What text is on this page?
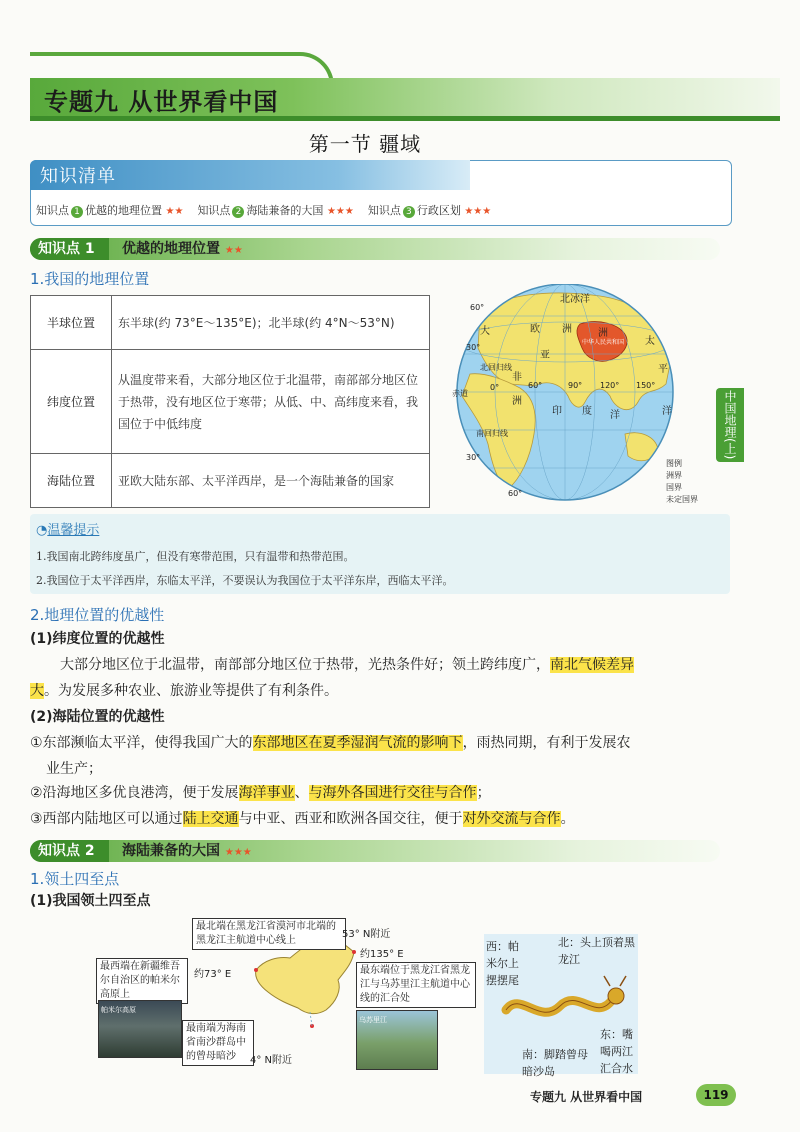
专题九 从世界看中国
第一节 疆域
知识清单
知识点 1 优越的地理位置 ★★ 知识点 2 海陆兼备的大国 ★★★ 知识点 3 行政区划 ★★★
知识点 1	优越的地理位置 ★★
1.我国的地理位置
半球位置	东半球(约 73°E～135°E)；北半球(约 4°N～53°N)
纬度位置	从温度带来看，大部分地区位于北温带，南部部分地区位于热带，没有地区位于寒带；从低、中、高纬度来看，我国位于中低纬度
海陆位置	亚欧大陆东部、太平洋西岸，是一个海陆兼备的国家
北冰洋
大	欧 洲	洲
亚
太
平
洋
非
洲
印 度 洋
北回归线
赤道
南回归线
中华人民共和国
60°
30°
0°
30°
60°
60°	90° 120° 150°
图例
洲界
国界
未定国界
中国地理(上)
◔温馨提示
1.我国南北跨纬度虽广，但没有寒带范围，只有温带和热带范围。
2.我国位于太平洋西岸，东临太平洋，不要误认为我国位于太平洋东岸，西临太平洋。
2.地理位置的优越性
(1)纬度位置的优越性
大部分地区位于北温带，南部部分地区位于热带，光热条件好；领土跨纬度广，南北气候差异
大。为发展多种农业、旅游业等提供了有利条件。
(2)海陆位置的优越性
①东部濒临太平洋，使得我国广大的东部地区在夏季湿润气流的影响下，雨热同期，有利于发展农
业生产；
②沿海地区多优良港湾，便于发展海洋事业、与海外各国进行交往与合作；
③西部内陆地区可以通过陆上交通与中亚、西亚和欧洲各国交往，便于对外交流与合作。
知识点 2	海陆兼备的大国 ★★★
1.领土四至点
(1)我国领土四至点
最北端在黑龙江省漠河市北端的黑龙江主航道中心线上
53° N附近
约135° E
最东端位于黑龙江省黑龙江与乌苏里江主航道中心线的汇合处
最西端在新疆维吾尔自治区的帕米尔高原上
约73° E
最南端为海南省南沙群岛中的曾母暗沙	4° N附近
帕米尔高原
乌苏里江
西：帕米尔上摆摆尾
北：头上顶着黑龙江
东：嘴喝两江汇合水
南：脚踏曾母暗沙岛
专题九 从世界看中国	119
